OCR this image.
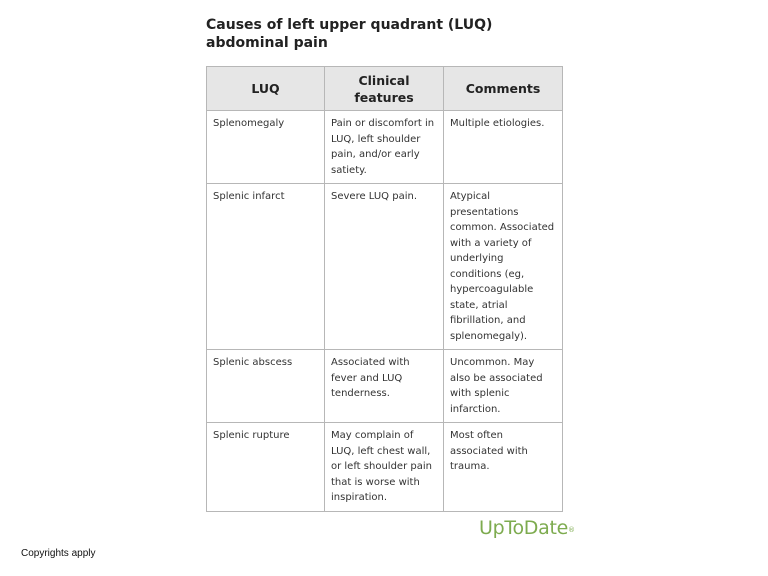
Causes of left upper quadrant (LUQ) abdominal pain
LUQ	Clinical features	Comments
Splenomegaly	Pain or discomfort in LUQ, left shoulder pain, and/or early satiety.	Multiple etiologies.
Splenic infarct	Severe LUQ pain.	Atypical presentations common. Associated with a variety of underlying conditions (eg, hypercoagulable state, atrial fibrillation, and splenomegaly).
Splenic abscess	Associated with fever and LUQ tenderness.	Uncommon. May also be associated with splenic infarction.
Splenic rupture	May complain of LUQ, left chest wall, or left shoulder pain that is worse with inspiration.	Most often associated with trauma.
UpToDate®
Copyrights apply
